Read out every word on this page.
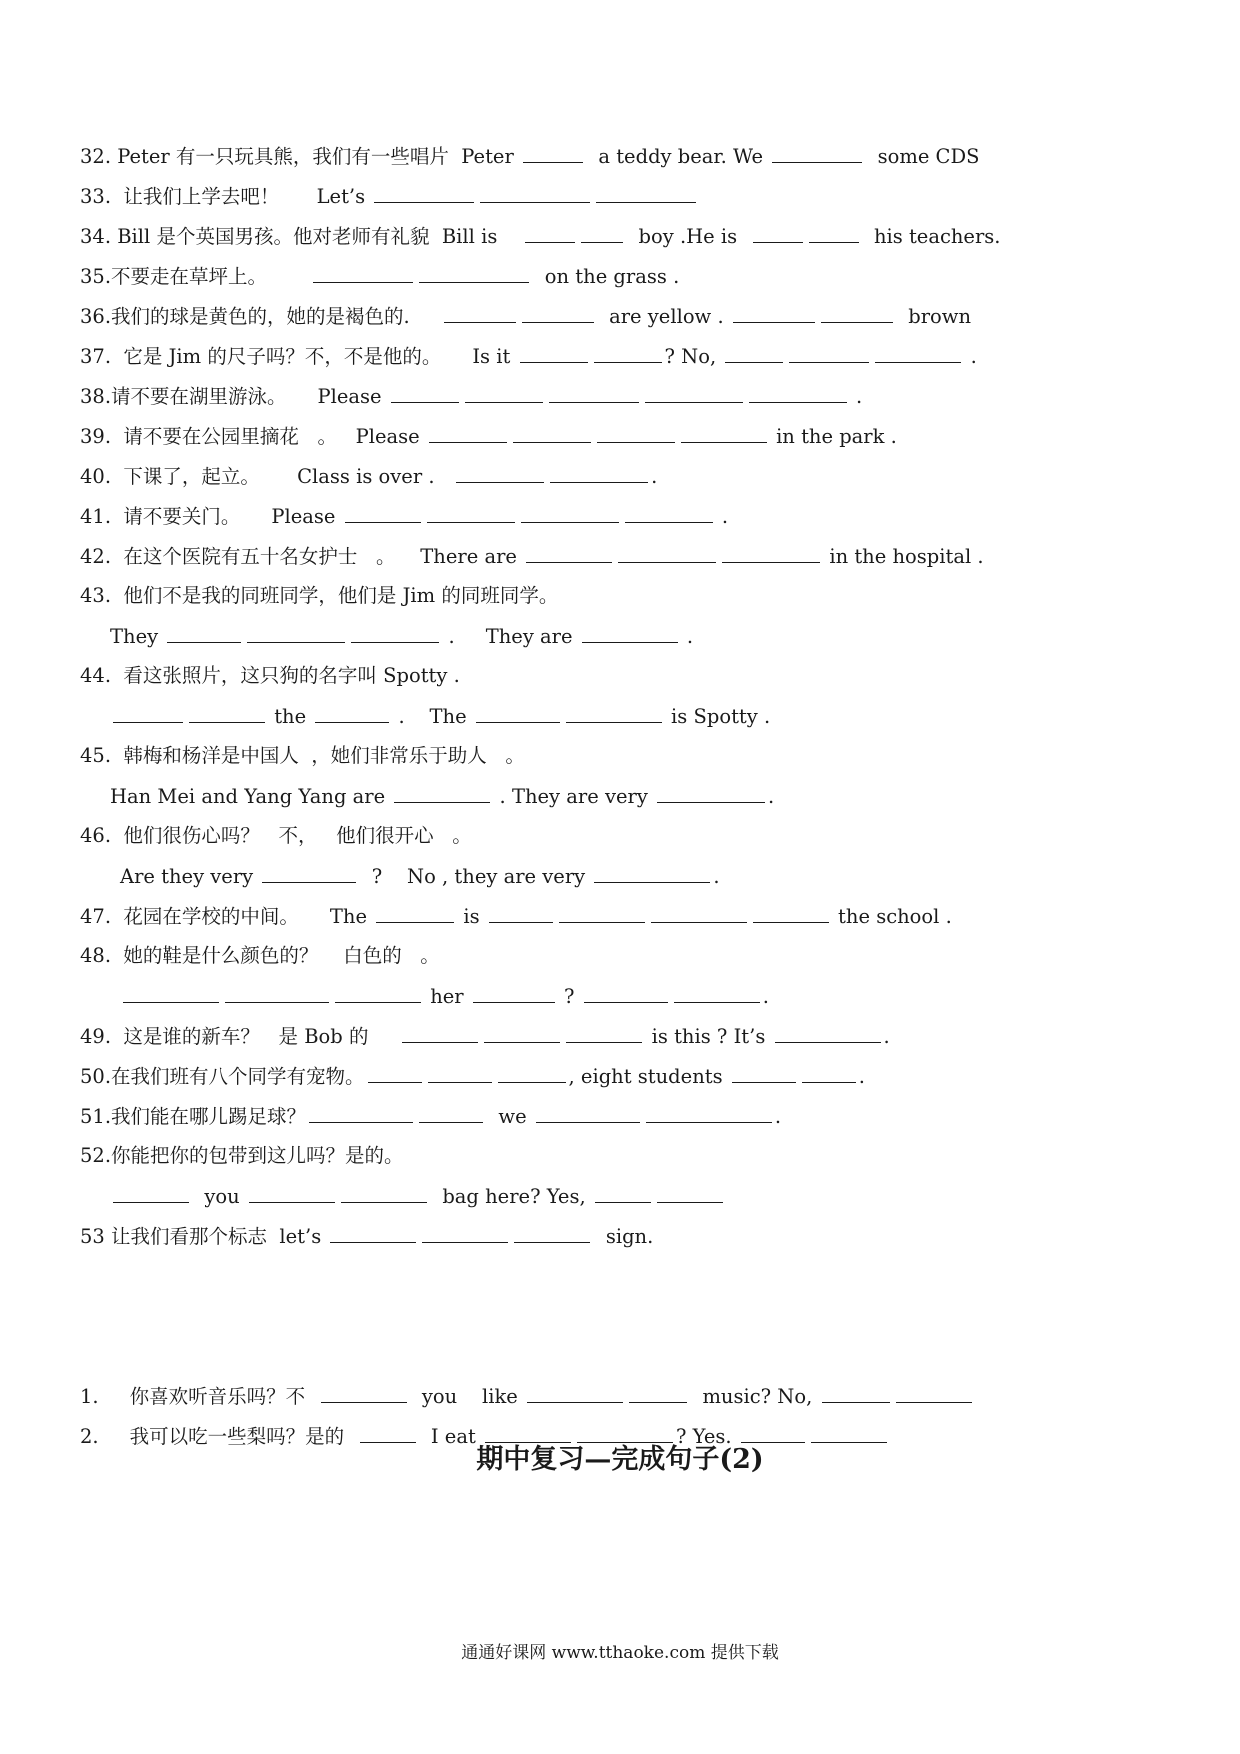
32. Peter 有一只玩具熊，我们有一些唱片  Peter	a teddy bear. We	some CDS
33.  让我们上学去吧！      Let’s
34. Bill 是个英国男孩。他对老师有礼貌  Bill is	boy .He is	his teachers.
35.不要走在草坪上。	on the grass .
36.我们的球是黄色的，她的是褐色的.	are yellow .	brown
37.  它是 Jim 的尺子吗？不，不是他的。     Is it	? No,	.
38.请不要在湖里游泳。     Please	.
39.  请不要在公园里摘花   。   Please	in the park .
40.  下课了，起立。      Class is over .	.
41.  请不要关门。     Please	.
42.  在这个医院有五十名女护士   。    There are	in the hospital .
43.  他们不是我的同班同学，他们是 Jim 的同班同学。
They	.     They are	.
44.  看这张照片，这只狗的名字叫 Spotty .
the	.    The	is Spotty .
45.  韩梅和杨洋是中国人  ，她们非常乐于助人   。
Han Mei and Yang Yang are	. They are very	.
46.  他们很伤心吗？   不，   他们很开心   。
Are they very	?    No , they are very	.
47.  花园在学校的中间。     The	is	the school .
48.  她的鞋是什么颜色的？    白色的   。
her	?	.
49.  这是谁的新车？   是 Bob 的	is this ? It’s	.
50.在我们班有八个同学有宠物。	, eight students	.
51.我们能在哪儿踢足球？	we	.
52.你能把你的包带到这儿吗？是的。
you	bag here? Yes,
53 让我们看那个标志  let’s	sign.
期中复习—完成句子(2)
1.     你喜欢听音乐吗？不	you    like	music? No,
2.     我可以吃一些梨吗？是的	I eat	? Yes.
通通好课网 www.tthaoke.com 提供下载
